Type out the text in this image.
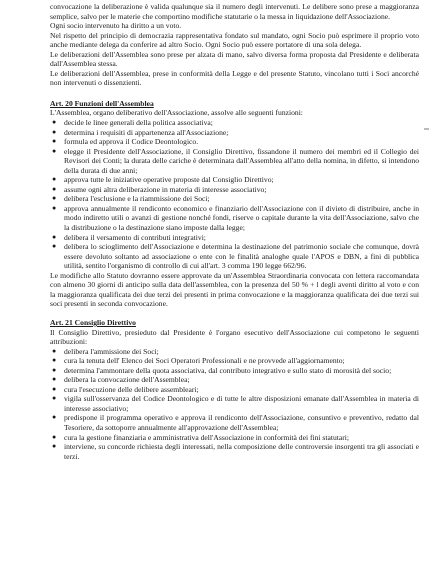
convocazione la deliberazione è valida qualunque sia il numero degli intervenuti. Le delibere sono prese a maggioranza semplice, salvo per le materie che comportino modifiche statutarie o la messa in liquidazione dell'Associazione.

Ogni socio intervenuto ha diritto a un voto.

Nel rispetto del principio di democrazia rappresentativa fondato sul mandato, ogni Socio può esprimere il proprio voto anche mediante delega da conferire ad altro Socio. Ogni Socio può essere portatore di una sola delega.

Le deliberazioni dell'Assemblea sono prese per alzata di mano, salvo diversa forma proposta dal Presidente e deliberata dall'Assemblea stessa.

Le deliberazioni dell'Assemblea, prese in conformità della Legge e del presente Statuto, vincolano tutti i Soci ancorché non intervenuti o dissenzienti.

Art. 20 Funzioni dell'Assemblea

L'Assemblea, organo deliberativo dell'Associazione, assolve alle seguenti funzioni:

● decide le linee generali della politica associativa;
● determina i requisiti di appartenenza all'Associazione;
● formula ed approva il Codice Deontologico.
● elegge il Presidente dell'Associazione, il Consiglio Direttivo, fissandone il numero dei membri ed il Collegio dei Revisori dei Conti; la durata delle cariche è determinata dall'Assemblea all'atto della nomina, in difetto, si intendono della durata di due anni;
● approva tutte le iniziative operative proposte dal Consiglio Direttivo;
● assume ogni altra deliberazione in materia di interesse associativo;
● delibera l'esclusione e la riammissione dei Soci;
● approva annualmente il rendiconto economico e finanziario dell'Associazione con il divieto di distribuire, anche in modo indiretto utili o avanzi di gestione nonché fondi, riserve o capitale durante la vita dell'Associazione, salvo che la distribuzione o la destinazione siano imposte dalla legge;
● delibera il versamento di contributi integrativi;
● delibera lo scioglimento dell'Associazione e determina la destinazione del patrimonio sociale che comunque, dovrà essere devoluto soltanto ad associazione o ente con le finalità analoghe quale l'APOS e DBN, a fini di pubblica utilità, sentito l'organismo di controllo di cui all'art. 3 comma 190 legge 662/96.

Le modifiche allo Statuto dovranno essere approvate da un'Assemblea Straordinaria convocata con lettera raccomandata con almeno 30 giorni di anticipo sulla data dell'assemblea, con la presenza del 50 % + l degli aventi diritto al voto e con la maggioranza qualificata dei due terzi dei presenti in prima convocazione e la maggioranza qualificata dei due terzi sui soci presenti in seconda convocazione.

Art. 21 Consiglio Direttivo

Il Consiglio Direttivo, presieduto dal Presidente è l'organo esecutivo dell'Associazione cui competono le seguenti attribuzioni:

● delibera l'ammissione dei Soci;
● cura la tenuta dell' Elenco dei Soci Operatori Professionali e ne provvede all'aggiornamento;
● determina l'ammontare della quota associativa, dal contributo integrativo e sullo stato di morosità del socio;
● delibera la convocazione dell'Assemblea;
● cura l'esecuzione delle delibere assembleari;
● vigila sull'osservanza del Codice Deontologico e di tutte le altre disposizioni emanate dall'Assemblea in materia di interesse associativo;
● predispone il programma operativo e approva il rendiconto dell'Associazione, consuntivo e preventivo, redatto dal Tesoriere, da sottoporre annualmente all'approvazione dell'Assemblea;
● cura la gestione finanziaria e amministrativa dell'Associazione in conformità dei fini statutari;
● interviene, su concorde richiesta degli interessati, nella composizione delle controversie insorgenti tra gli associati e terzi.
